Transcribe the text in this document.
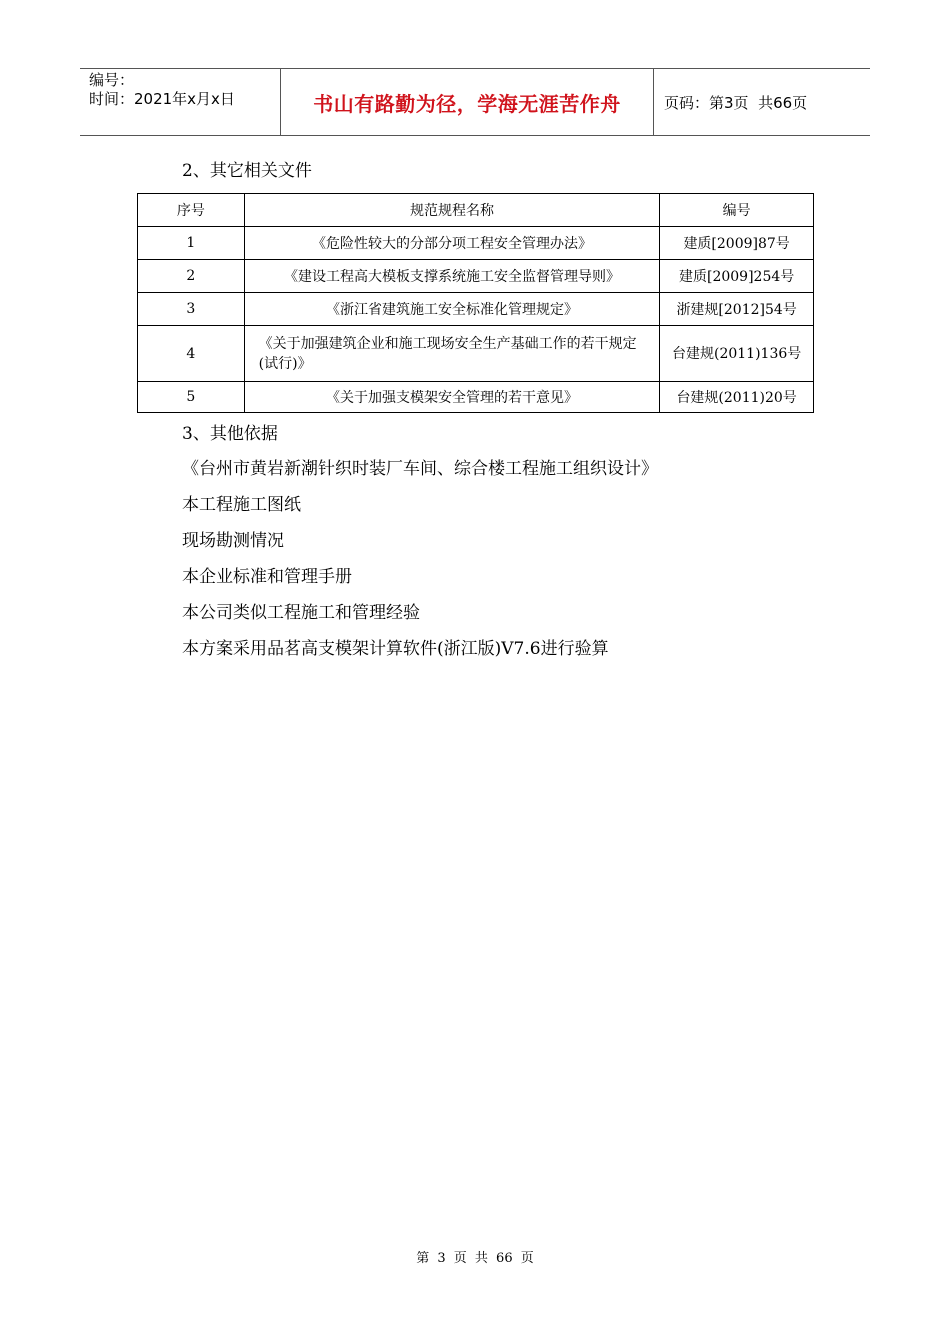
编号：
时间：2021年x月x日	书山有路勤为径，学海无涯苦作舟	页码：第3页  共66页
2、其它相关文件
序号	规范规程名称	编号
1	《危险性较大的分部分项工程安全管理办法》	建质[2009]87号
2	《建设工程高大模板支撑系统施工安全监督管理导则》	建质[2009]254号
3	《浙江省建筑施工安全标准化管理规定》	浙建规[2012]54号
4	《关于加强建筑企业和施工现场安全生产基础工作的若干规定(试行)》	台建规(2011)136号
5	《关于加强支模架安全管理的若干意见》	台建规(2011)20号
3、其他依据
《台州市黄岩新潮针织时装厂车间、综合楼工程施工组织设计》
本工程施工图纸
现场勘测情况
本企业标准和管理手册
本公司类似工程施工和管理经验
本方案采用品茗高支模架计算软件(浙江版)V7.6进行验算
第 3 页 共 66 页
